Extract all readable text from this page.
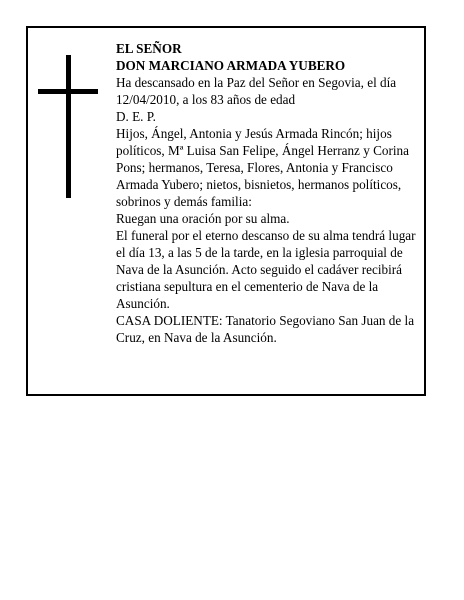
EL SEÑOR

DON MARCIANO ARMADA YUBERO

Ha descansado en la Paz del Señor en Segovia, el día 12/04/2010, a los 83 años de edad

D. E. P.

Hijos, Ángel, Antonia y Jesús Armada Rincón; hijos políticos, Mª Luisa San Felipe, Ángel Herranz y Corina Pons; hermanos, Teresa, Flores, Antonia y Francisco Armada Yubero; nietos, bisnietos, hermanos políticos, sobrinos y demás familia:

Ruegan una oración por su alma.

El funeral por el eterno descanso de su alma tendrá lugar el día 13, a las 5 de la tarde, en la iglesia parroquial de Nava de la Asunción. Acto seguido el cadáver recibirá cristiana sepultura en el cementerio de Nava de la Asunción.

CASA DOLIENTE: Tanatorio Segoviano San Juan de la Cruz, en Nava de la Asunción.
